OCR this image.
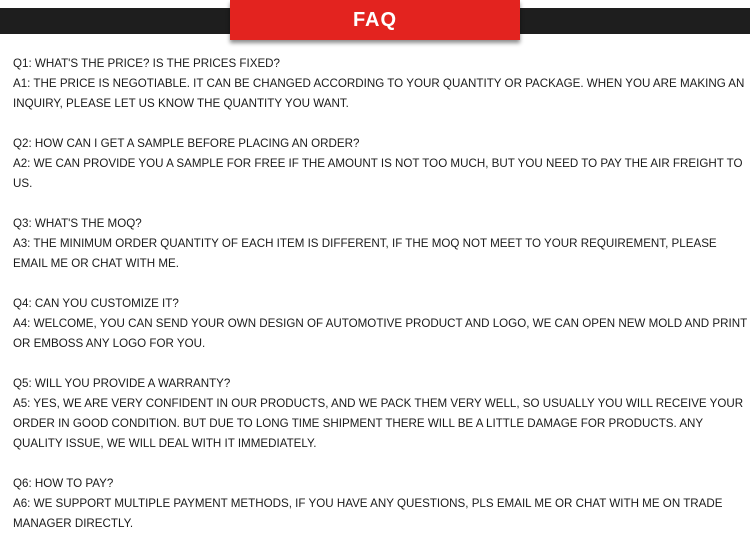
FAQ
Q1: WHAT'S THE PRICE? IS THE PRICES FIXED?
A1: THE PRICE IS NEGOTIABLE. IT CAN BE CHANGED ACCORDING TO YOUR QUANTITY OR PACKAGE. WHEN YOU ARE MAKING AN INQUIRY, PLEASE LET US KNOW THE QUANTITY YOU WANT.
Q2: HOW CAN I GET A SAMPLE BEFORE PLACING AN ORDER?
A2: WE CAN PROVIDE YOU A SAMPLE FOR FREE IF THE AMOUNT IS NOT TOO MUCH, BUT YOU NEED TO PAY THE AIR FREIGHT TO US.
Q3: WHAT'S THE MOQ?
A3: THE MINIMUM ORDER QUANTITY OF EACH ITEM IS DIFFERENT, IF THE MOQ NOT MEET TO YOUR REQUIREMENT, PLEASE EMAIL ME OR CHAT WITH ME.
Q4: CAN YOU CUSTOMIZE IT?
A4: WELCOME, YOU CAN SEND YOUR OWN DESIGN OF AUTOMOTIVE PRODUCT AND LOGO, WE CAN OPEN NEW MOLD AND PRINT OR EMBOSS ANY LOGO FOR YOU.
Q5: WILL YOU PROVIDE A WARRANTY?
A5: YES, WE ARE VERY CONFIDENT IN OUR PRODUCTS, AND WE PACK THEM VERY WELL, SO USUALLY YOU WILL RECEIVE YOUR ORDER IN GOOD CONDITION. BUT DUE TO LONG TIME SHIPMENT THERE WILL BE A LITTLE DAMAGE FOR PRODUCTS. ANY QUALITY ISSUE, WE WILL DEAL WITH IT IMMEDIATELY.
Q6: HOW TO PAY?
A6: WE SUPPORT MULTIPLE PAYMENT METHODS, IF YOU HAVE ANY QUESTIONS, PLS EMAIL ME OR CHAT WITH ME ON TRADE MANAGER DIRECTLY.
